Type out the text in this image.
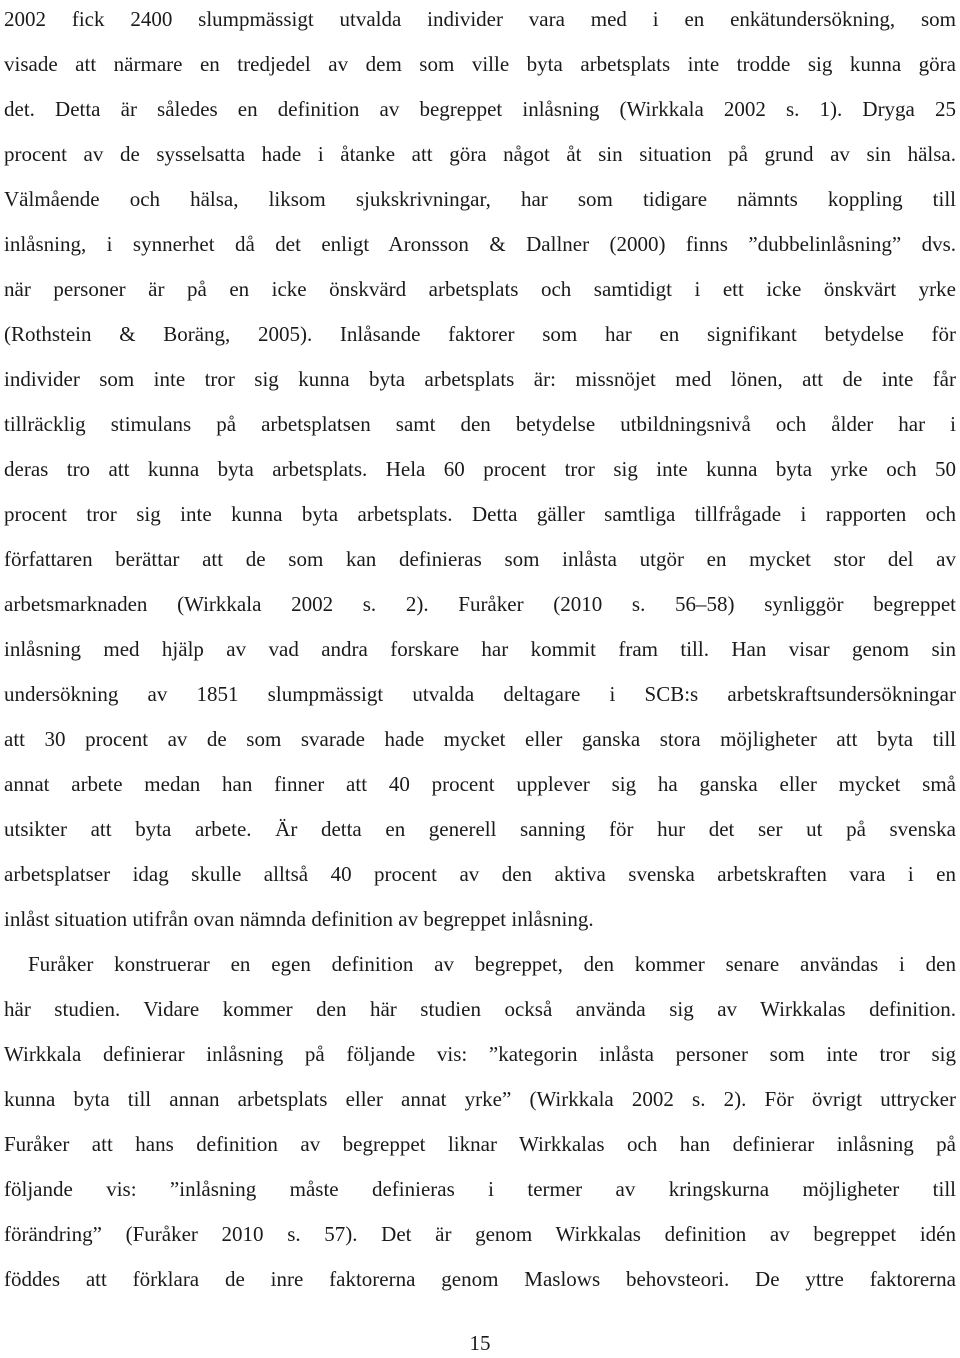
2002 fick 2400 slumpmässigt utvalda individer vara med i en enkätundersökning, som
visade att närmare en tredjedel av dem som ville byta arbetsplats inte trodde sig kunna göra
det. Detta är således en definition av begreppet inlåsning (Wirkkala 2002 s. 1). Dryga 25
procent av de sysselsatta hade i åtanke att göra något åt sin situation på grund av sin hälsa.
Välmående och hälsa, liksom sjukskrivningar, har som tidigare nämnts koppling till
inlåsning, i synnerhet då det enligt Aronsson & Dallner (2000) finns ”dubbelinlåsning” dvs.
när personer är på en icke önskvärd arbetsplats och samtidigt i ett icke önskvärt yrke
(Rothstein & Boräng, 2005). Inlåsande faktorer som har en signifikant betydelse för
individer som inte tror sig kunna byta arbetsplats är: missnöjet med lönen, att de inte får
tillräcklig stimulans på arbetsplatsen samt den betydelse utbildningsnivå och ålder har i
deras tro att kunna byta arbetsplats. Hela 60 procent tror sig inte kunna byta yrke och 50
procent tror sig inte kunna byta arbetsplats. Detta gäller samtliga tillfrågade i rapporten och
författaren berättar att de som kan definieras som inlåsta utgör en mycket stor del av
arbetsmarknaden (Wirkkala 2002 s. 2). Furåker (2010 s. 56–58) synliggör begreppet
inlåsning med hjälp av vad andra forskare har kommit fram till. Han visar genom sin
undersökning av 1851 slumpmässigt utvalda deltagare i SCB:s arbetskraftsundersökningar
att 30 procent av de som svarade hade mycket eller ganska stora möjligheter att byta till
annat arbete medan han finner att 40 procent upplever sig ha ganska eller mycket små
utsikter att byta arbete. Är detta en generell sanning för hur det ser ut på svenska
arbetsplatser idag skulle alltså 40 procent av den aktiva svenska arbetskraften vara i en
inlåst situation utifrån ovan nämnda definition av begreppet inlåsning.
Furåker konstruerar en egen definition av begreppet, den kommer senare användas i den
här studien. Vidare kommer den här studien också använda sig av Wirkkalas definition.
Wirkkala definierar inlåsning på följande vis: ”kategorin inlåsta personer som inte tror sig
kunna byta till annan arbetsplats eller annat yrke” (Wirkkala 2002 s. 2). För övrigt uttrycker
Furåker att hans definition av begreppet liknar Wirkkalas och han definierar inlåsning på
följande vis: ”inlåsning måste definieras i termer av kringskurna möjligheter till
förändring” (Furåker 2010 s. 57). Det är genom Wirkkalas definition av begreppet idén
föddes att förklara de inre faktorerna genom Maslows behovsteori. De yttre faktorerna
15
